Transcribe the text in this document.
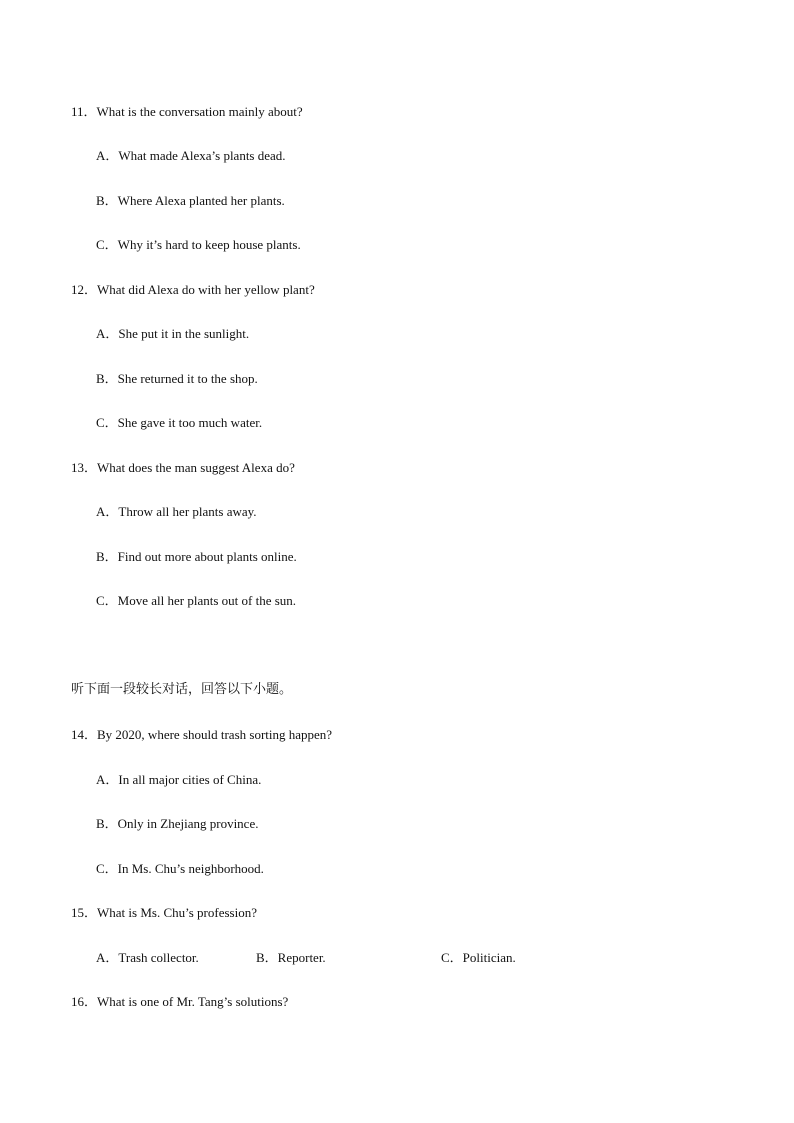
11．What is the conversation mainly about?
A．What made Alexa’s plants dead.
B．Where Alexa planted her plants.
C．Why it’s hard to keep house plants.
12．What did Alexa do with her yellow plant?
A．She put it in the sunlight.
B．She returned it to the shop.
C．She gave it too much water.
13．What does the man suggest Alexa do?
A．Throw all her plants away.
B．Find out more about plants online.
C．Move all her plants out of the sun.
听下面一段较长对话，回答以下小题。
14．By 2020, where should trash sorting happen?
A．In all major cities of China.
B．Only in Zhejiang province.
C．In Ms. Chu’s neighborhood.
15．What is Ms. Chu’s profession?
A．Trash collector.	B．Reporter.	C．Politician.
16．What is one of Mr. Tang’s solutions?
